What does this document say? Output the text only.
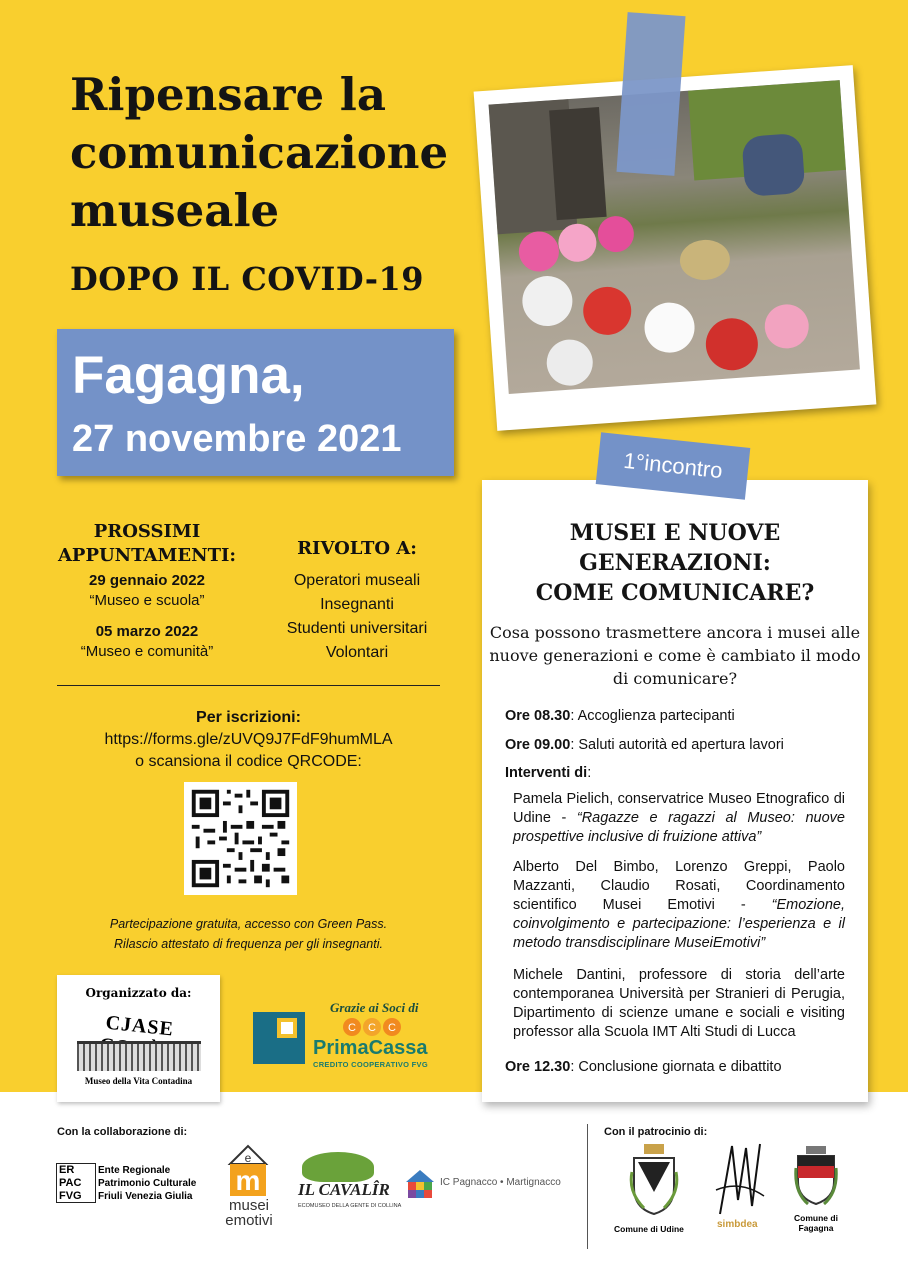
Ripensare la
comunicazione
museale
DOPO IL COVID-19
Fagagna,
27 novembre 2021
PROSSIMI
APPUNTAMENTI:
29 gennaio 2022
“Museo e scuola”
05 marzo 2022
“Museo e comunità”
RIVOLTO A:
Operatori museali
Insegnanti
Studenti universitari
Volontari
Per iscrizioni:
https://forms.gle/zUVQ9J7FdF9humMLA
o scansiona il codice QRCODE:
Partecipazione gratuita, accesso con Green Pass.
Rilascio attestato di frequenza per gli insegnanti.
1°incontro
MUSEI E NUOVE
GENERAZIONI:
COME COMUNICARE?
Cosa possono trasmettere ancora i musei alle nuove generazioni e come è cambiato il modo di comunicare?
Ore 08.30: Accoglienza partecipanti
Ore 09.00: Saluti autorità ed apertura lavori
Interventi di:
Pamela Pielich, conservatrice Museo Etnografico di Udine - “Ragazze e ragazzi al Museo: nuove prospettive inclusive di fruizione attiva”
Alberto Del Bimbo, Lorenzo Greppi, Paolo Mazzanti, Claudio Rosati, Coordinamento scientifico Musei Emotivi - “Emozione, coinvolgimento e partecipazione: l’esperienza e il metodo transdisciplinare MuseiEmotivi”
Michele Dantini, professore di storia dell’arte contemporanea Università per Stranieri di Perugia, Dipartimento di scienze umane e sociali e visiting professor alla Scuola IMT Alti Studi di Lucca
Ore 12.30: Conclusione giornata e dibattito
Organizzato da:
CJASE
Museo della Vita Contadina
Grazie ai Soci di
C C C
PrimaCassa
CREDITO COOPERATIVO FVG
Con la collaborazione di:
ER
PAC
FVG
Ente Regionale
Patrimonio Culturale
Friuli Venezia Giulia
m
e
musei
emotivi
IL CAVALÎR
ECOMUSEO DELLA GENTE DI COLLINA
IC Pagnacco • Martignacco
Con il patrocinio di:
Comune di Udine	simbdea
Comune di
Fagagna
